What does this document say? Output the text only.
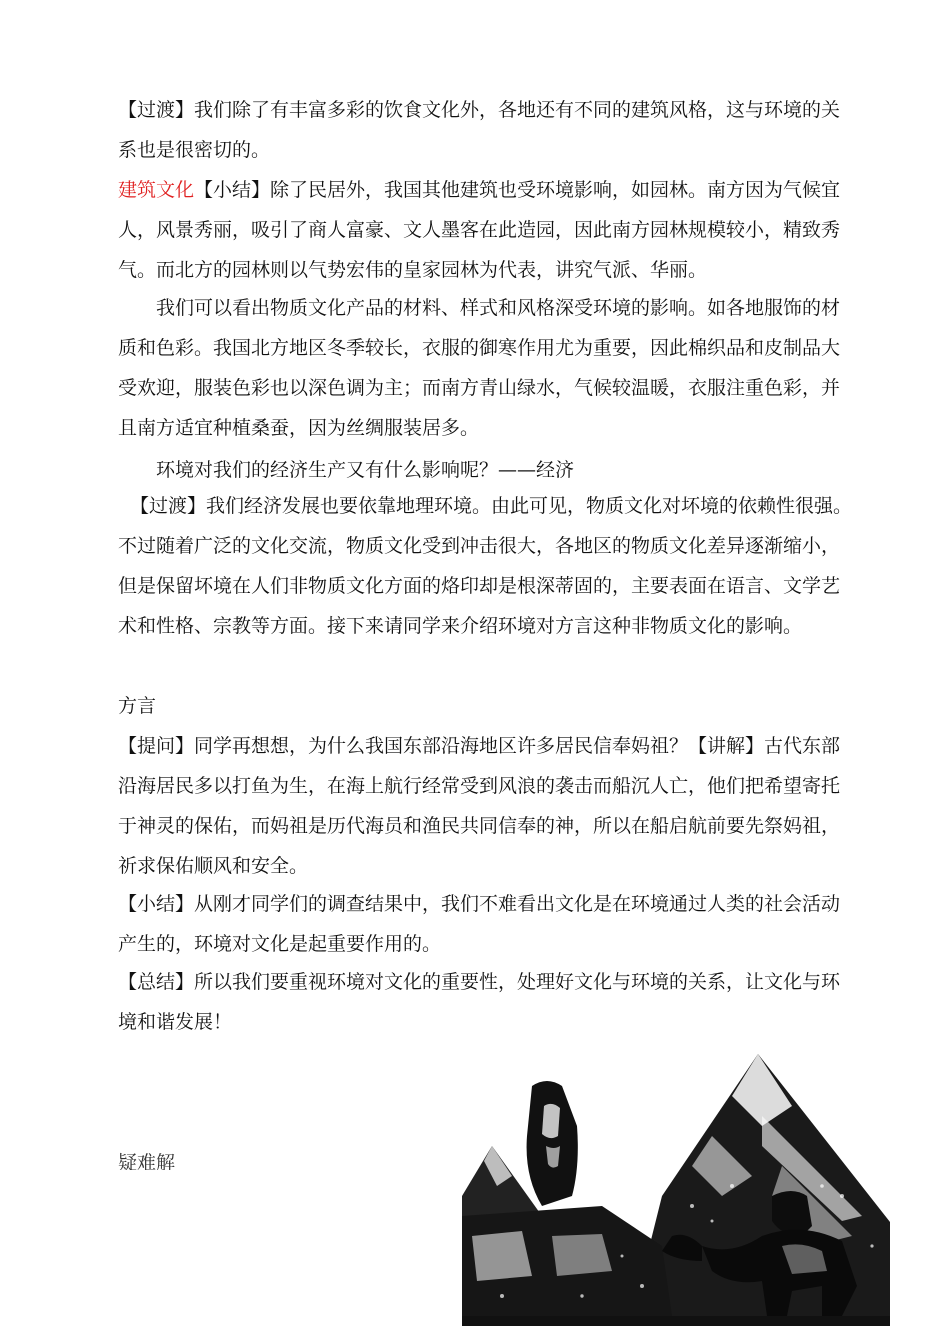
【过渡】我们除了有丰富多彩的饮食文化外，各地还有不同的建筑风格，这与环境的关系也是很密切的。

建筑文化【小结】除了民居外，我国其他建筑也受环境影响，如园林。南方因为气候宜人，风景秀丽，吸引了商人富豪、文人墨客在此造园，因此南方园林规模较小，精致秀气。而北方的园林则以气势宏伟的皇家园林为代表，讲究气派、华丽。

我们可以看出物质文化产品的材料、样式和风格深受环境的影响。如各地服饰的材质和色彩。我国北方地区冬季较长，衣服的御寒作用尤为重要，因此棉织品和皮制品大受欢迎，服装色彩也以深色调为主；而南方青山绿水，气候较温暖，衣服注重色彩，并且南方适宜种植桑蚕，因为丝绸服装居多。

环境对我们的经济生产又有什么影响呢？——经济

【过渡】我们经济发展也要依靠地理环境。由此可见，物质文化对坏境的依赖性很强。不过随着广泛的文化交流，物质文化受到冲击很大，各地区的物质文化差异逐渐缩小，但是保留坏境在人们非物质文化方面的烙印却是根深蒂固的，主要表面在语言、文学艺术和性格、宗教等方面。接下来请同学来介绍环境对方言这种非物质文化的影响。

方言

【提问】同学再想想，为什么我国东部沿海地区许多居民信奉妈祖？【讲解】古代东部沿海居民多以打鱼为生，在海上航行经常受到风浪的袭击而船沉人亡，他们把希望寄托于神灵的保佑，而妈祖是历代海员和渔民共同信奉的神，所以在船启航前要先祭妈祖，祈求保佑顺风和安全。

【小结】从刚才同学们的调查结果中，我们不难看出文化是在环境通过人类的社会活动产生的，环境对文化是起重要作用的。

【总结】所以我们要重视环境对文化的重要性，处理好文化与环境的关系，让文化与环境和谐发展！

疑难解
